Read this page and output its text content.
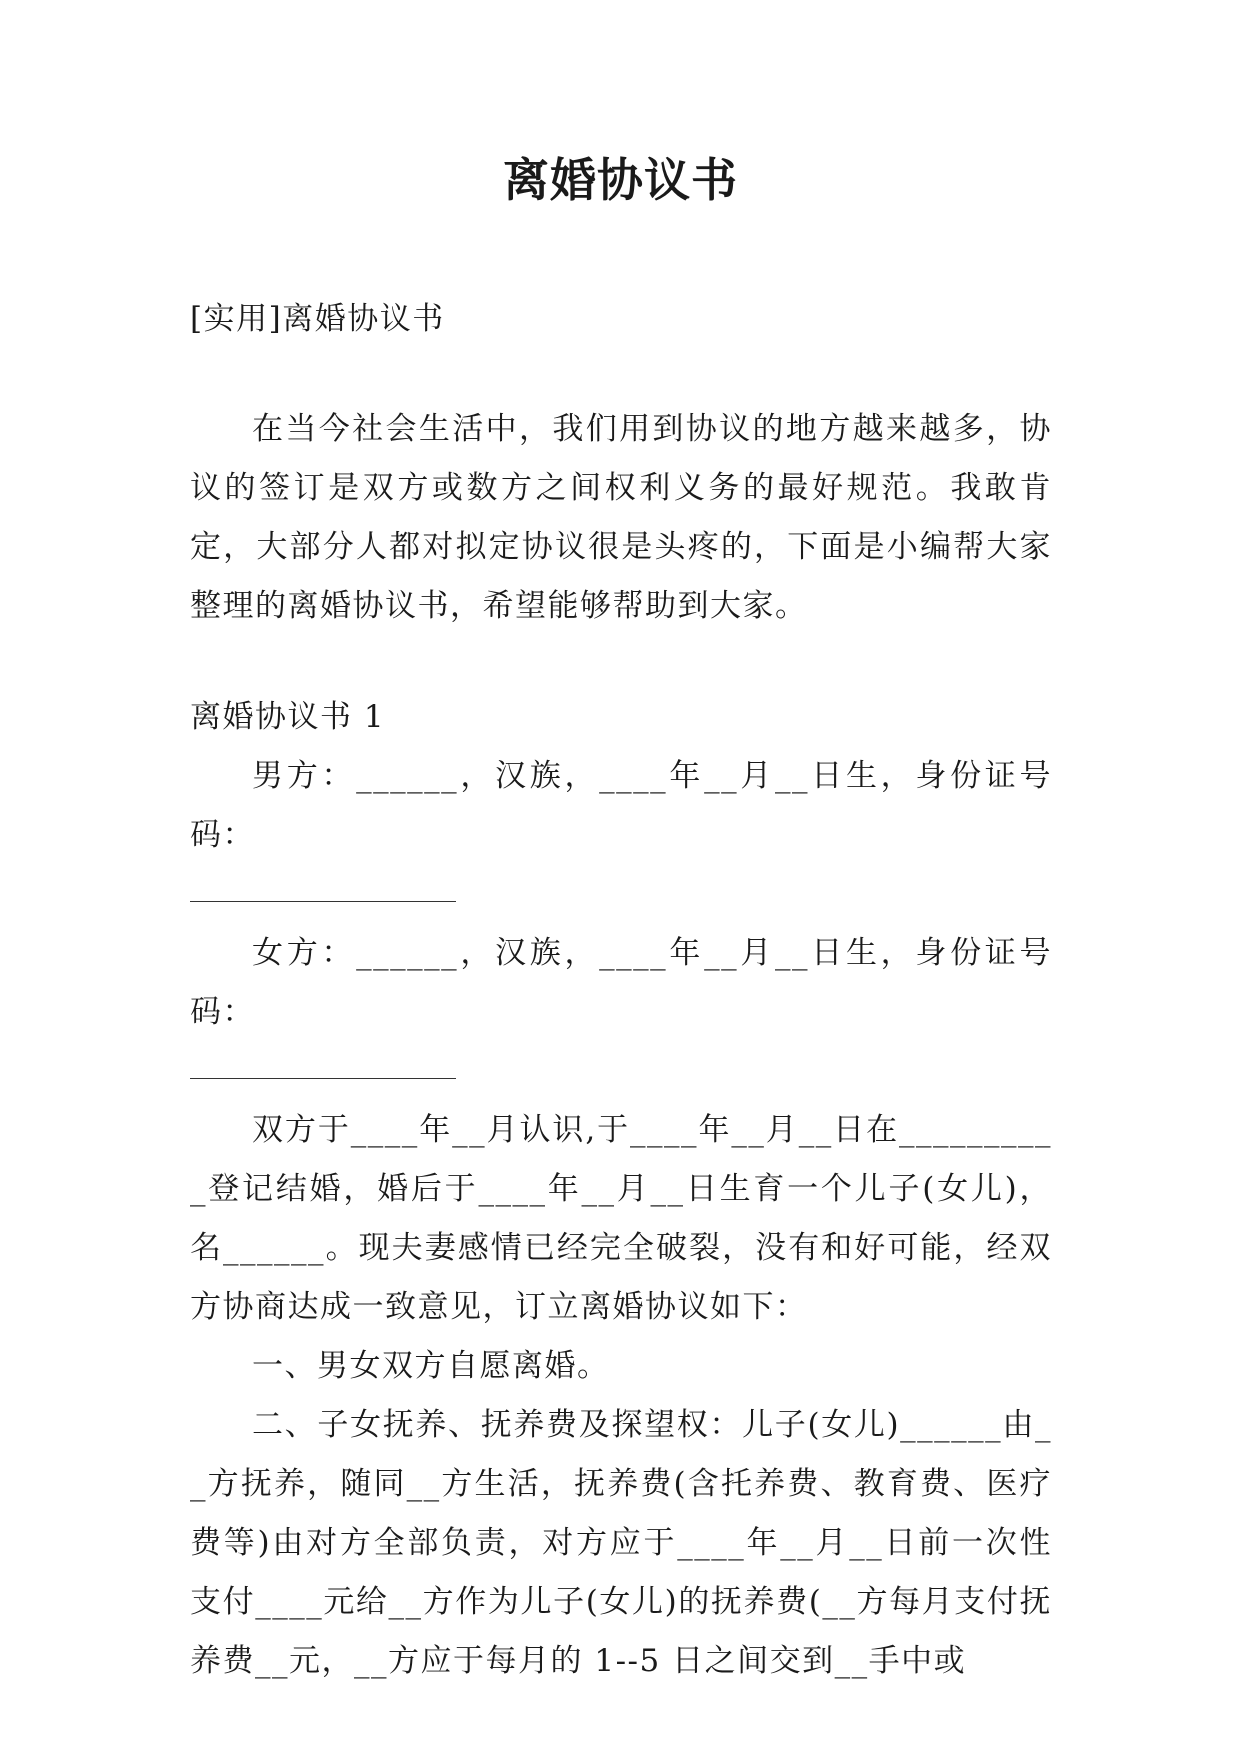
离婚协议书

[实用]离婚协议书

在当今社会生活中，我们用到协议的地方越来越多，协议的签订是双方或数方之间权利义务的最好规范。我敢肯定，大部分人都对拟定协议很是头疼的，下面是小编帮大家整理的离婚协议书，希望能够帮助到大家。

离婚协议书 1

男方：______，汉族，____年__月__日生，身份证号码：

女方：______，汉族，____年__月__日生，身份证号码：

双方于____年__月认识,于____年__月__日在__________登记结婚，婚后于____年__月__日生育一个儿子(女儿)，名______。现夫妻感情已经完全破裂，没有和好可能，经双方协商达成一致意见，订立离婚协议如下：

一、男女双方自愿离婚。

二、子女抚养、抚养费及探望权：儿子(女儿)______由__方抚养，随同__方生活，抚养费(含托养费、教育费、医疗费等)由对方全部负责，对方应于____年__月__日前一次性支付____元给__方作为儿子(女儿)的抚养费(__方每月支付抚养费__元，__方应于每月的 1--5 日之间交到__手中或
